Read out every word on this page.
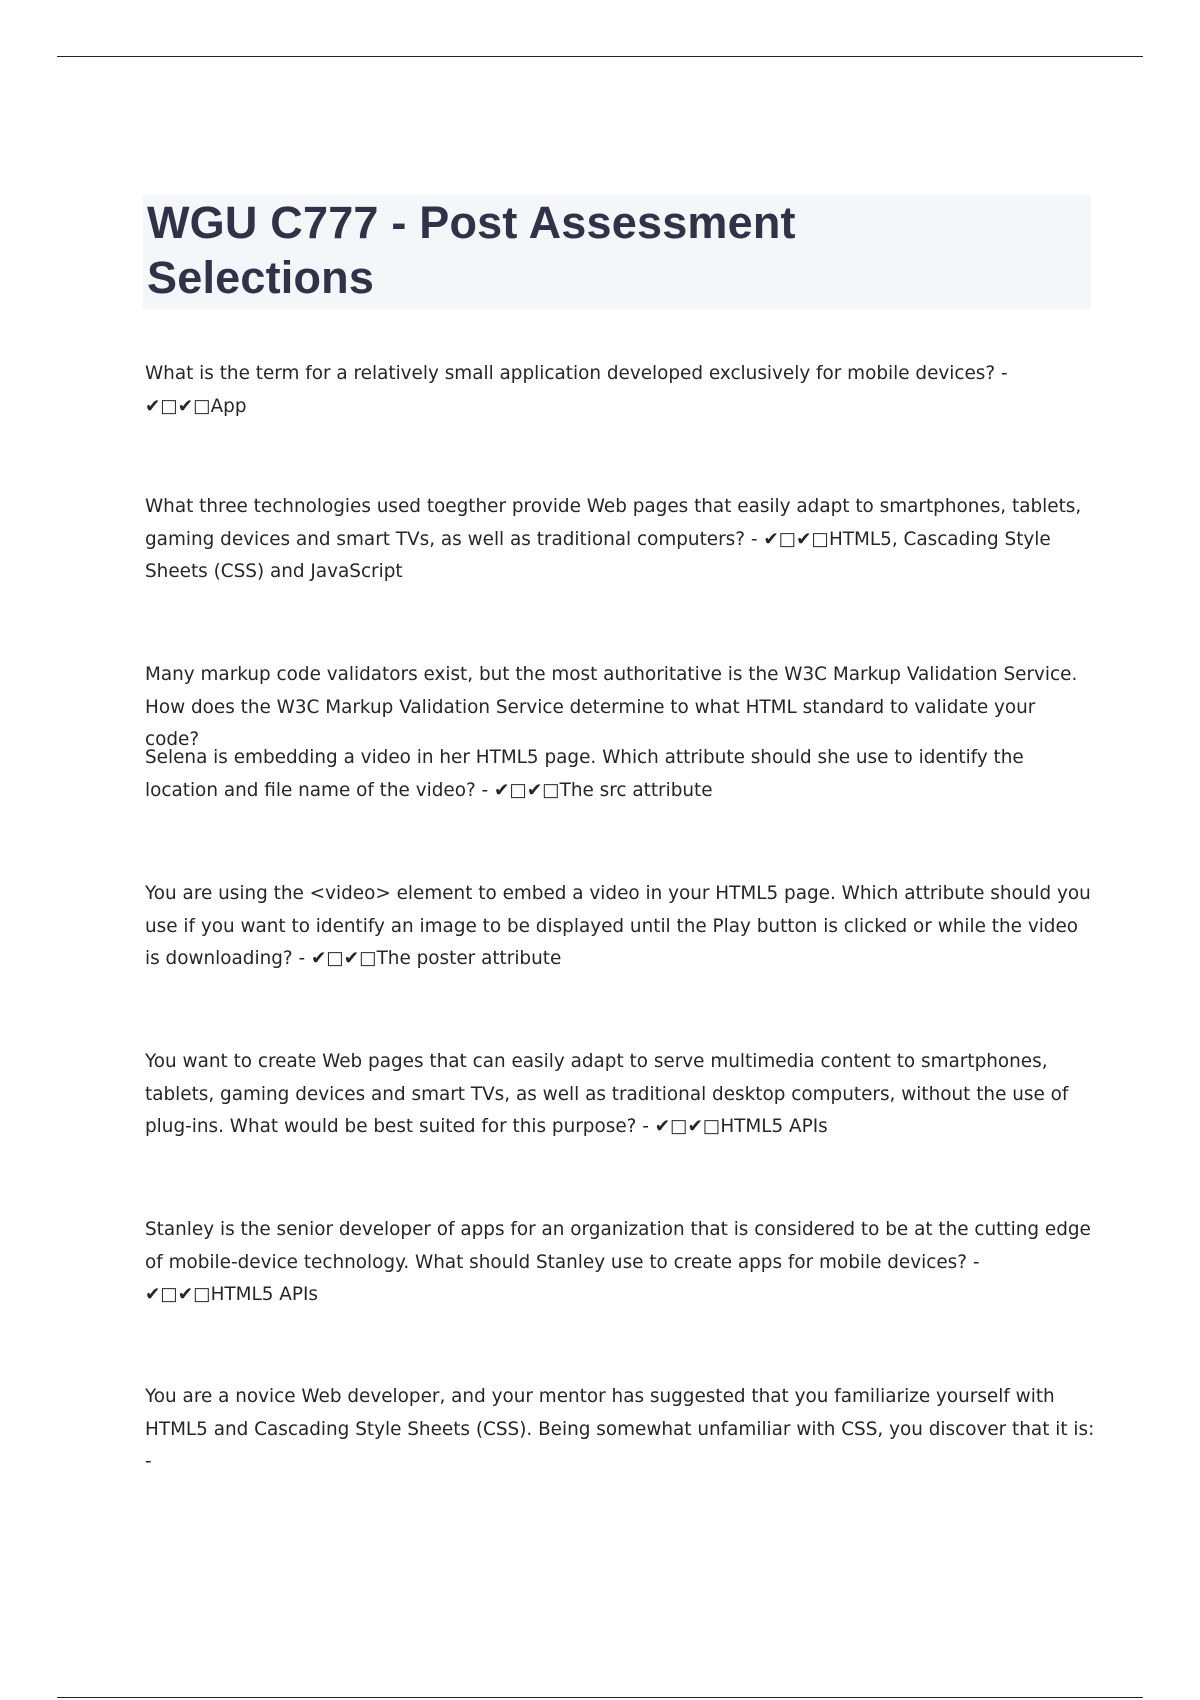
WGU C777 - Post Assessment
Selections

What is the term for a relatively small application developed exclusively for mobile devices? - ✔□✔□App

What three technologies used toegther provide Web pages that easily adapt to smartphones, tablets, gaming devices and smart TVs, as well as traditional computers? - ✔□✔□HTML5, Cascading Style Sheets (CSS) and JavaScript

Many markup code validators exist, but the most authoritative is the W3C Markup Validation Service. How does the W3C Markup Validation Service determine to what HTML standard to validate your code?

Selena is embedding a video in her HTML5 page. Which attribute should she use to identify the location and file name of the video? - ✔□✔□The src attribute

You are using the <video> element to embed a video in your HTML5 page. Which attribute should you use if you want to identify an image to be displayed until the Play button is clicked or while the video is downloading? - ✔□✔□The poster attribute

You want to create Web pages that can easily adapt to serve multimedia content to smartphones, tablets, gaming devices and smart TVs, as well as traditional desktop computers, without the use of plug-ins. What would be best suited for this purpose? - ✔□✔□HTML5 APIs

Stanley is the senior developer of apps for an organization that is considered to be at the cutting edge of mobile-device technology. What should Stanley use to create apps for mobile devices? - ✔□✔□HTML5 APIs

You are a novice Web developer, and your mentor has suggested that you familiarize yourself with HTML5 and Cascading Style Sheets (CSS). Being somewhat unfamiliar with CSS, you discover that it is: -
